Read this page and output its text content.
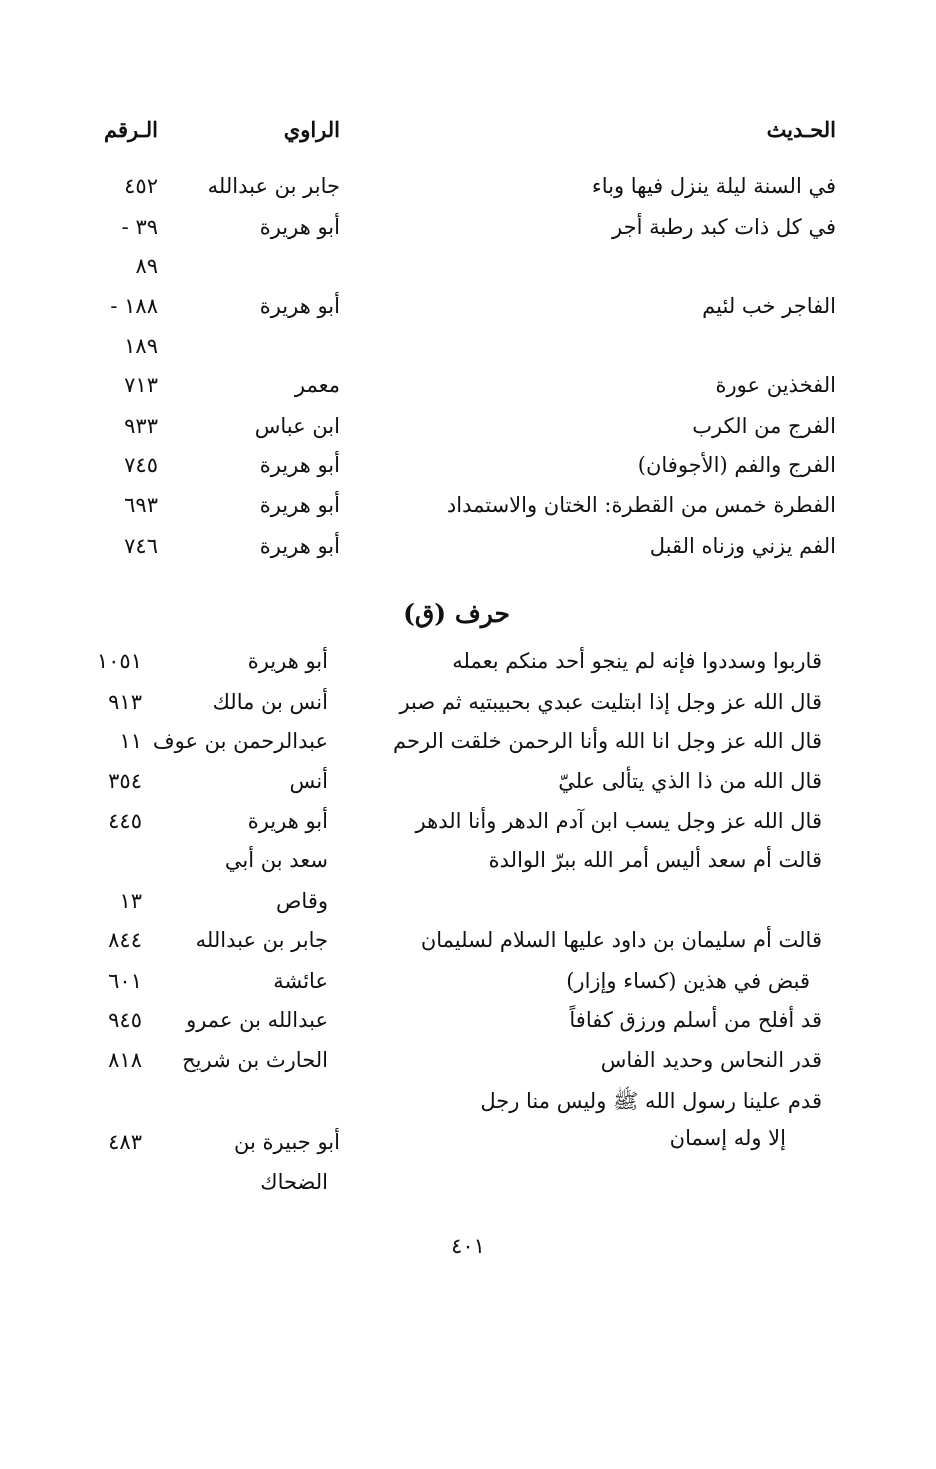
الحـديث
الراوي
الـرقم
في السنة ليلة ينزل فيها وباء
جابر بن عبدالله
٤٥٢
في كل ذات كبد رطبة أجر
أبو هريرة
٣٩ -
٨٩
الفاجر خب لئيم
أبو هريرة
١٨٨ -
١٨٩
الفخذين عورة
معمر
٧١٣
الفرج من الكرب
ابن عباس
٩٣٣
الفرج والفم (الأجوفان)
أبو هريرة
٧٤٥
الفطرة خمس من القطرة: الختان والاستمداد
أبو هريرة
٦٩٣
الفم يزني وزناه القبل
أبو هريرة
٧٤٦
حرف (ق)
قاربوا وسددوا فإنه لم ينجو أحد منكم بعمله
أبو هريرة
١٠٥١
قال الله عز وجل إذا ابتليت عبدي بحبيبتيه ثم صبر
أنس بن مالك
٩١٣
قال الله عز وجل انا الله وأنا الرحمن خلقت الرحم
عبدالرحمن بن عوف
١١
قال الله من ذا الذي يتألى عليّ
أنس
٣٥٤
قال الله عز وجل يسب ابن آدم الدهر وأنا الدهر
أبو هريرة
٤٤٥
قالت أم سعد أليس أمر الله ببرّ الوالدة
سعد بن أبي
وقاص
١٣
قالت أم سليمان بن داود عليها السلام لسليمان
جابر بن عبدالله
٨٤٤
قبض في هذين (كساء وإزار)
عائشة
٦٠١
قد أفلح من أسلم ورزق كفافاً
عبدالله بن عمرو
٩٤٥
قدر النحاس وحديد الفاس
الحارث بن شريح
٨١٨
قدم علينا رسول الله ﷺ وليس منا رجل
إلا وله إسمان
أبو جبيرة بن
٤٨٣
الضحاك
٤٠١
